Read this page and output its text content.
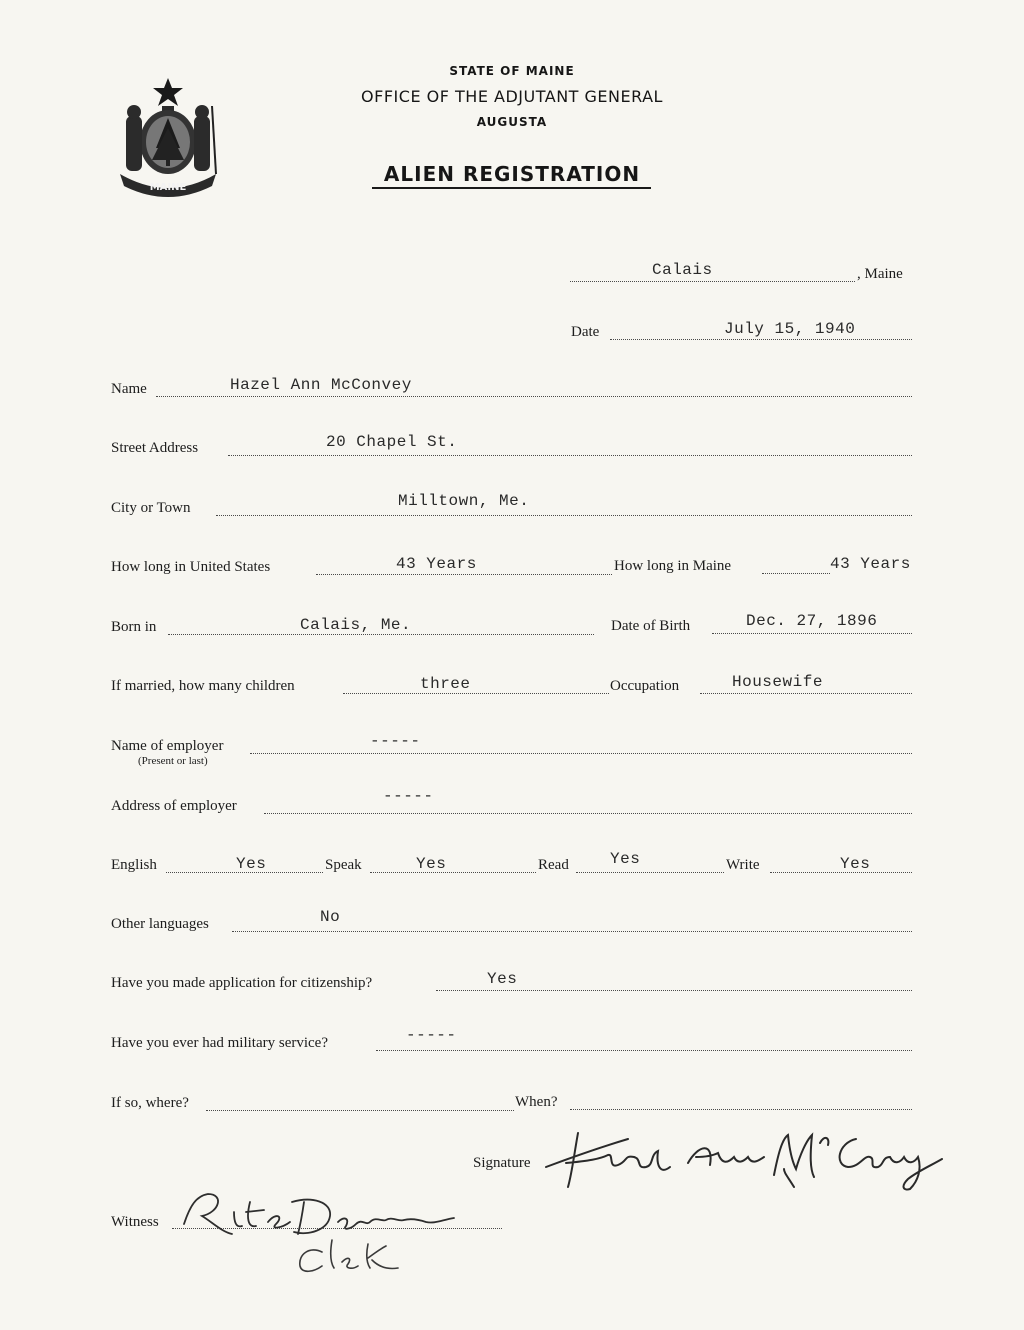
MAINE
STATE OF MAINE
OFFICE OF THE ADJUTANT GENERAL
AUGUSTA
ALIEN REGISTRATION
Calais	, Maine
Date	July 15, 1940
Name	Hazel Ann McConvey
Street Address	20 Chapel St.
City or Town	Milltown, Me.
How long in United States	43 Years	How long in Maine	43 Years
Born in	Calais, Me.	Date of Birth	Dec. 27, 1896
If married, how many children	three	Occupation	Housewife
Name of employer
(Present or last)
-----
Address of employer
-----
English	Yes	Speak	Yes	Read	Yes	Write	Yes
Other languages	No
Have you made application for citizenship?	Yes
Have you ever had military service?	-----
If so, where?	When?
Signature
Witness
